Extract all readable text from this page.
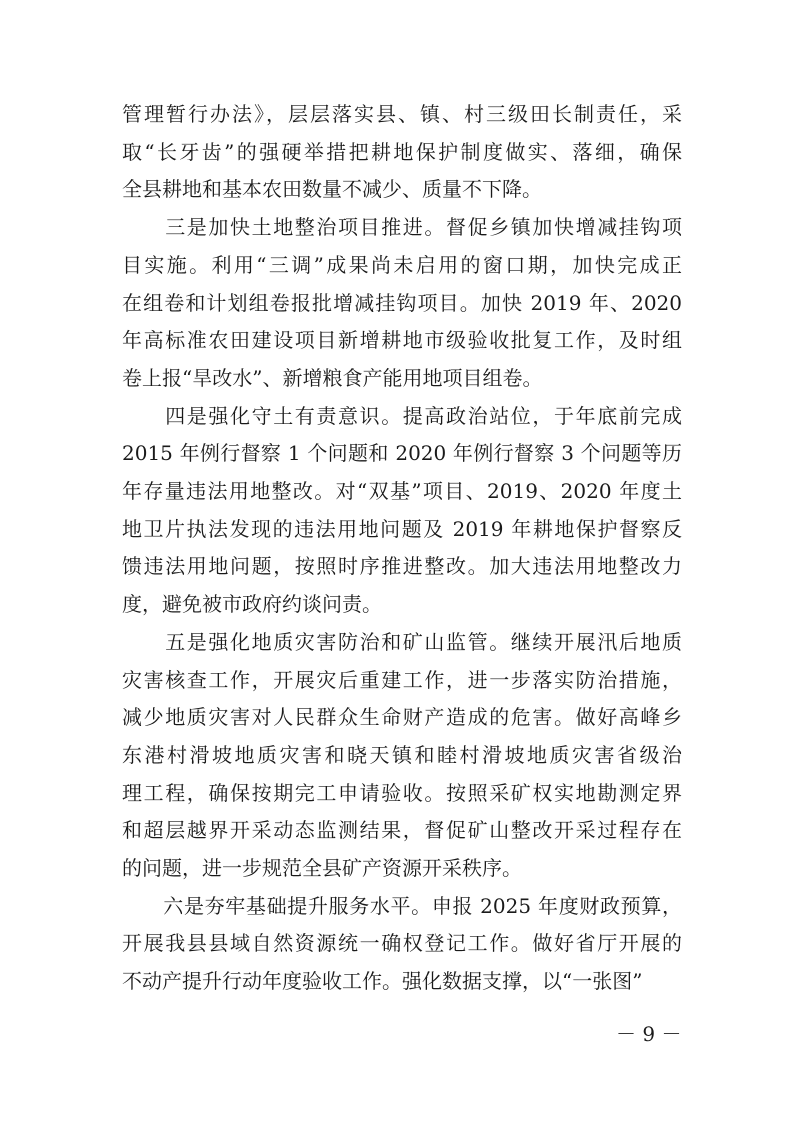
管理暂行办法》，层层落实县、镇、村三级田长制责任，采
取“长牙齿”的强硬举措把耕地保护制度做实、落细，确保
全县耕地和基本农田数量不减少、质量不下降。

　　三是加快土地整治项目推进。督促乡镇加快增减挂钩项
目实施。利用“三调”成果尚未启用的窗口期，加快完成正
在组卷和计划组卷报批增减挂钩项目。加快 2019 年、2020
年高标准农田建设项目新增耕地市级验收批复工作，及时组
卷上报“旱改水”、新增粮食产能用地项目组卷。

　　四是强化守土有责意识。提高政治站位，于年底前完成
2015 年例行督察 1 个问题和 2020 年例行督察 3 个问题等历
年存量违法用地整改。对“双基”项目、2019、2020 年度土
地卫片执法发现的违法用地问题及 2019 年耕地保护督察反
馈违法用地问题，按照时序推进整改。加大违法用地整改力
度，避免被市政府约谈问责。

　　五是强化地质灾害防治和矿山监管。继续开展汛后地质
灾害核查工作，开展灾后重建工作，进一步落实防治措施，
减少地质灾害对人民群众生命财产造成的危害。做好高峰乡
东港村滑坡地质灾害和晓天镇和睦村滑坡地质灾害省级治
理工程，确保按期完工申请验收。按照采矿权实地勘测定界
和超层越界开采动态监测结果，督促矿山整改开采过程存在
的问题，进一步规范全县矿产资源开采秩序。

　　六是夯牢基础提升服务水平。申报 2025 年度财政预算，
开展我县县域自然资源统一确权登记工作。做好省厅开展的
不动产提升行动年度验收工作。强化数据支撑，以“一张图”

－ 9 －
